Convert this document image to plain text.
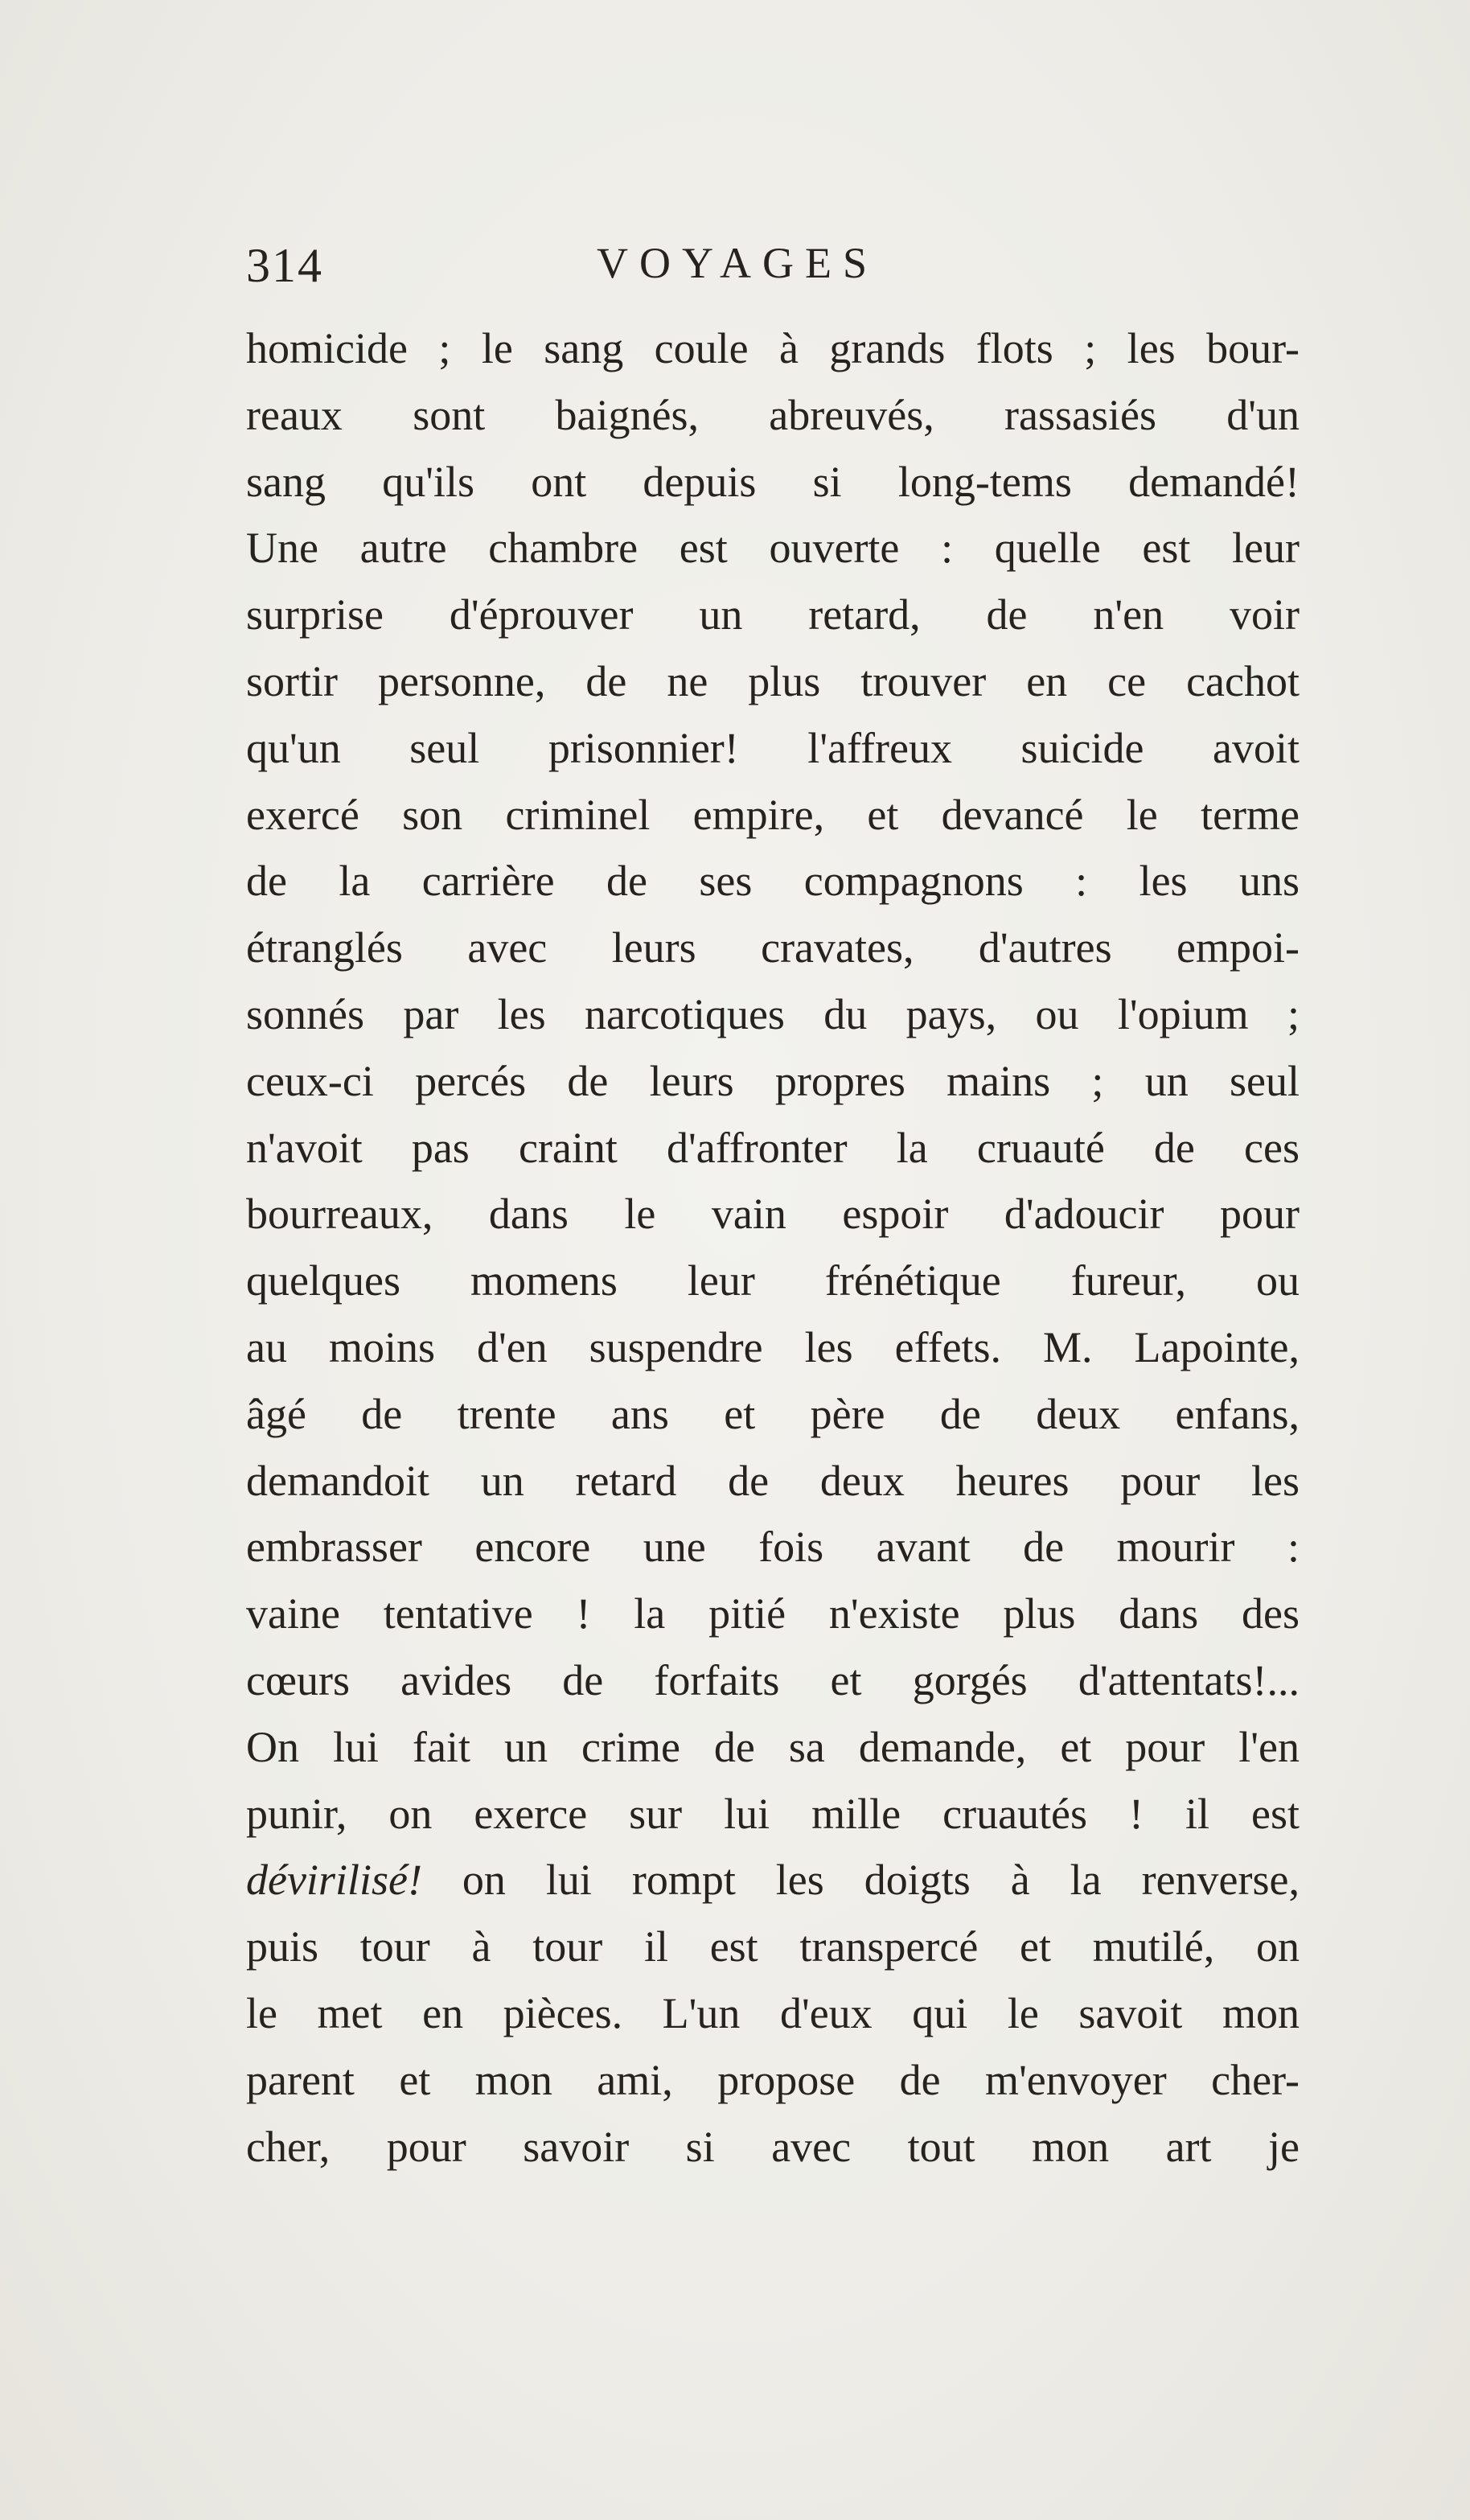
314	VOYAGES
homicide ; le sang coule à grands flots ; les bour-
reaux sont baignés, abreuvés, rassasiés d'un
sang qu'ils ont depuis si long-tems demandé!
Une autre chambre est ouverte : quelle est leur
surprise d'éprouver un retard, de n'en voir
sortir personne, de ne plus trouver en ce cachot
qu'un seul prisonnier! l'affreux suicide avoit
exercé son criminel empire, et devancé le terme
de la carrière de ses compagnons : les uns
étranglés avec leurs cravates, d'autres empoi-
sonnés par les narcotiques du pays, ou l'opium ;
ceux-ci percés de leurs propres mains ; un seul
n'avoit pas craint d'affronter la cruauté de ces
bourreaux, dans le vain espoir d'adoucir pour
quelques momens leur frénétique fureur, ou
au moins d'en suspendre les effets. M. Lapointe,
âgé de trente ans et père de deux enfans,
demandoit un retard de deux heures pour les
embrasser encore une fois avant de mourir :
vaine tentative ! la pitié n'existe plus dans des
cœurs avides de forfaits et gorgés d'attentats!...
On lui fait un crime de sa demande, et pour l'en
punir, on exerce sur lui mille cruautés ! il est
dévirilisé! on lui rompt les doigts à la renverse,
puis tour à tour il est transpercé et mutilé, on
le met en pièces. L'un d'eux qui le savoit mon
parent et mon ami, propose de m'envoyer cher-
cher, pour savoir si avec tout mon art je
